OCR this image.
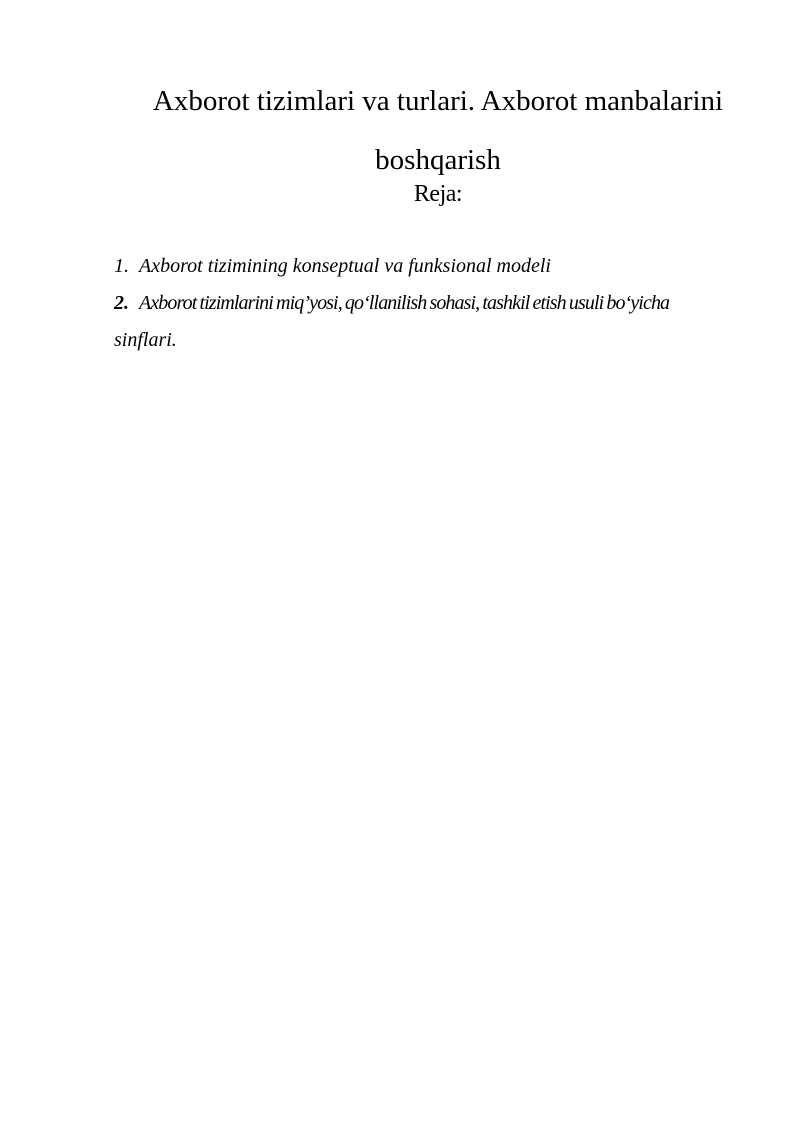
Axborot tizimlari va turlari. Axborot manbalarini boshqarish
Reja:
1. Axborot tizimining konseptual va funksional modeli
2. Axborot tizimlarini miq’yosi, qo‘llanilish sohasi, tashkil etish usuli bo‘yicha
sinflari.
